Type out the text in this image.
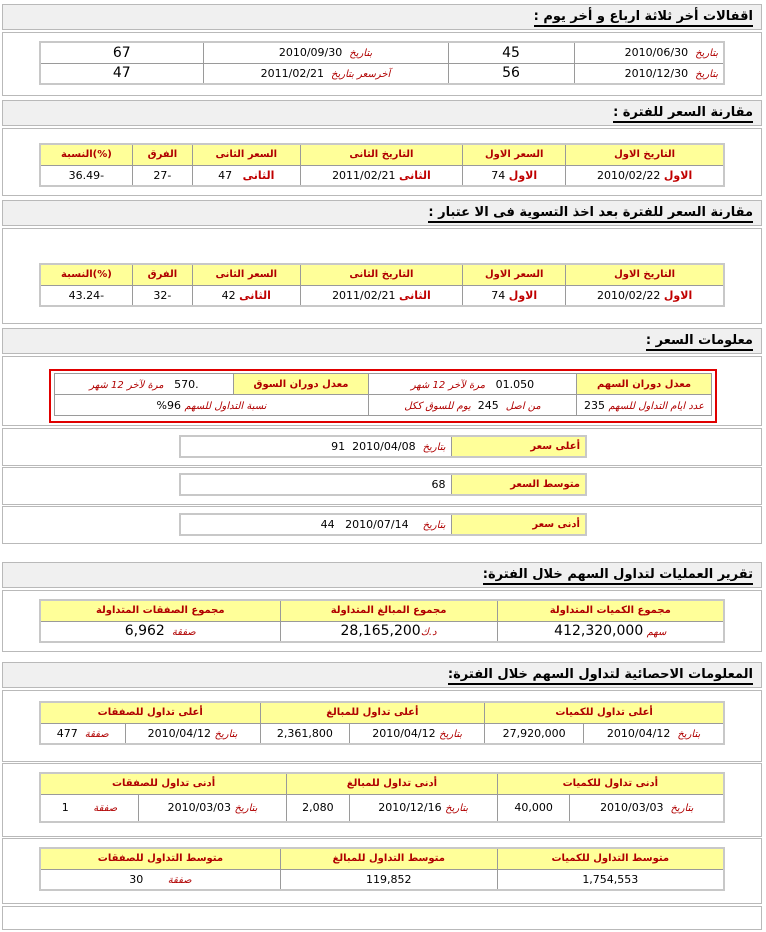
اقفالات أخر ثلاثة ارباع و أخر يوم :
بتاريخ  2010/06/30	45	بتاريخ  2010/09/30	67
بتاريخ  2010/12/30	56	آخرسعر بتاريخ  2011/02/21	47
مقارنة السعر للفترة :
التاريخ الاول	السعر الاول	التاريخ الثانى	السعر الثانى	الفرق	(%)النسبة
الاول 2010/02/22	الاول 74	الثانى 2011/02/21	الثانى   47	-27	-36.49
مقارنة السعر للفترة بعد اخذ التسوية فى الا عتبار :
التاريخ الاول	السعر الاول	التاريخ الثانى	السعر الثانى	الفرق	(%)النسبة
الاول 2010/02/22	الاول 74	الثانى 2011/02/21	الثانى 42	-32	-43.24
معلومات السعر :
معدل دوران السهم	01.050   مرة لآخر 12 شهر	معدل دوران السوق	.570   مرة لآخر 12 شهر
عدد ايام التداول للسهم 235	من اصل  245  يوم للسوق ككل	نسبة التداول للسهم 96%	
أعلى سعر	بتاريخ  2010/04/08  91
متوسط السعر	68
أدنى سعر	بتاريخ    2010/07/14   44
تقرير العمليات لتداول السهم خلال الفترة:
مجموع الكميات المتداولة	مجموع المبالغ المتداولة	مجموع الصفقات المتداولة
سهم 412,320,000	د.ك28,165,200	صفقة  6,962
المعلومات الاحصائية لتداول السهم خلال الفترة:
أعلى تداول للكميات		أعلى تداول للمبالغ		أعلى تداول للصفقات	
بتاريخ  2010/04/12	27,920,000	بتاريخ 2010/04/12	2,361,800	بتاريخ 2010/04/12	صفقة  477
أدنى تداول للكميات		أدنى تداول للمبالغ		أدنى تداول للصفقات	
بتاريخ  2010/03/03	40,000	بتاريخ 2010/12/16	2,080	بتاريخ 2010/03/03	صفقة       1
متوسط التداول للكميات	متوسط التداول للمبالغ	متوسط التداول للصفقات
1,754,553	119,852	صفقة       30
